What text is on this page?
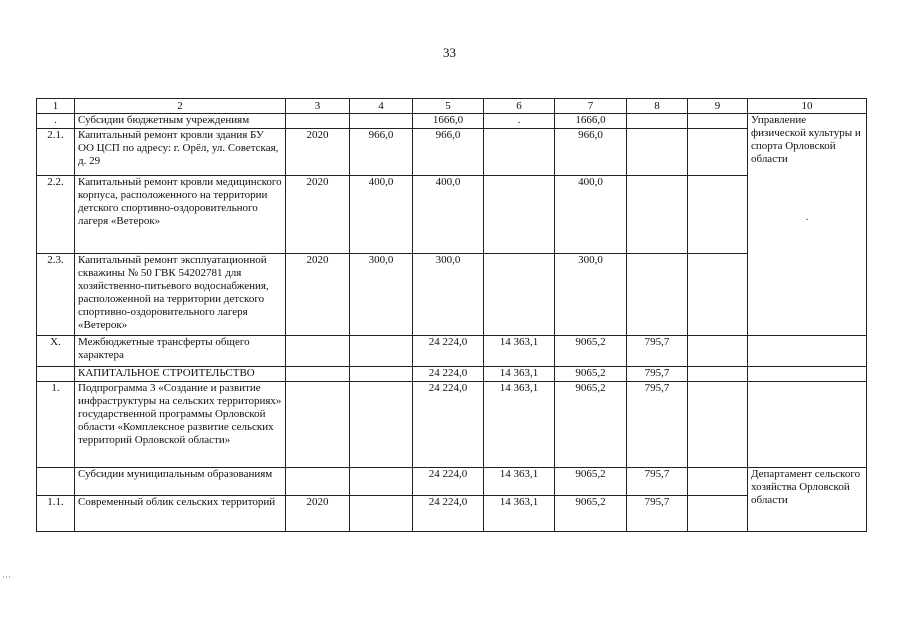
33
1	2	3	4	5	6	7	8	9	10
.	Субсидии бюджетным учреждениям			1666,0	.	1666,0			Управление физической культуры и спорта Орловской области
·

2.1.	Капитальный ремонт кровли здания БУ ОО ЦСП по адресу: г. Орёл, ул. Советская, д. 29	2020	966,0	966,0		966,0			
2.2.	Капитальный ремонт кровли медицинского корпуса, расположенного на территории детского спортивно-оздоровительного лагеря «Ветерок»	2020	400,0	400,0		400,0			
2.3.	Капитальный ремонт эксплуатационной скважины № 50 ГВК 54202781 для хозяйственно-питьевого водоснабжения, расположенной на территории детского спортивно-оздоровительного лагеря «Ветерок»	2020	300,0	300,0		300,0			
X.	Межбюджетные трансферты общего характера			24 224,0	14 363,1	9065,2	795,7		
	КАПИТАЛЬНОЕ СТРОИТЕЛЬСТВО			24 224,0	14 363,1	9065,2	795,7		
1.	Подпрограмма 3 «Создание и развитие инфраструктуры на сельских территориях» государственной программы Орловской области «Комплексное развитие сельских территорий Орловской области»			24 224,0	14 363,1	9065,2	795,7		
	Субсидии муниципальным образованиям			24 224,0	14 363,1	9065,2	795,7		Департамент сельского хозяйства Орловской области
1.1.	Современный облик сельских территорий	2020		24 224,0	14 363,1	9065,2	795,7		
···
